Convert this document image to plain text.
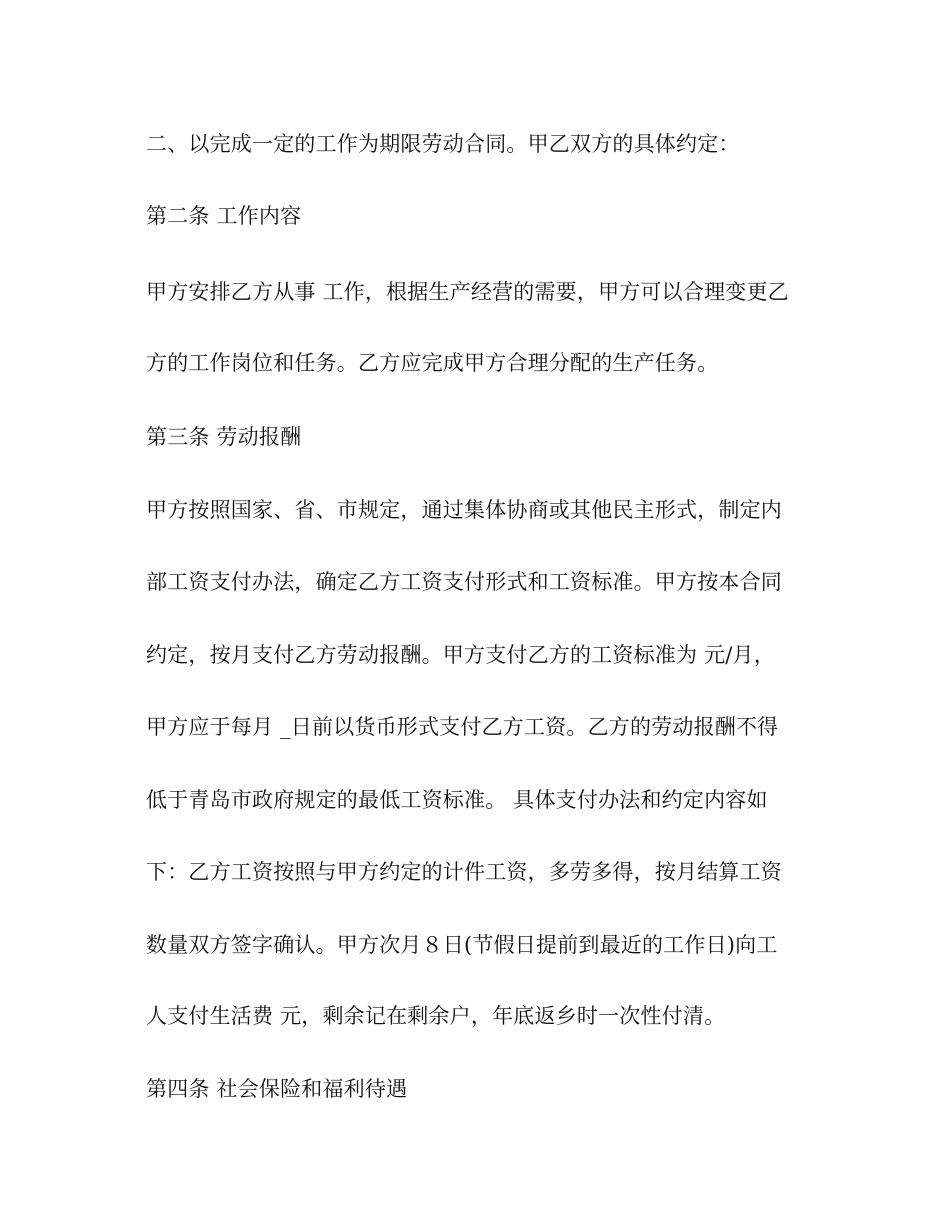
二、以完成一定的工作为期限劳动合同。甲乙双方的具体约定：
第二条 工作内容
甲方安排乙方从事 工作，根据生产经营的需要，甲方可以合理变更乙
方的工作岗位和任务。乙方应完成甲方合理分配的生产任务。
第三条 劳动报酬
甲方按照国家、省、市规定，通过集体协商或其他民主形式，制定内
部工资支付办法，确定乙方工资支付形式和工资标准。甲方按本合同
约定，按月支付乙方劳动报酬。甲方支付乙方的工资标准为 元/月，
甲方应于每月 _日前以货币形式支付乙方工资。乙方的劳动报酬不得
低于青岛市政府规定的最低工资标准。 具体支付办法和约定内容如
下：乙方工资按照与甲方约定的计件工资，多劳多得，按月结算工资
数量双方签字确认。甲方次月８日(节假日提前到最近的工作日)向工
人支付生活费 元，剩余记在剩余户，年底返乡时一次性付清。
第四条 社会保险和福利待遇
